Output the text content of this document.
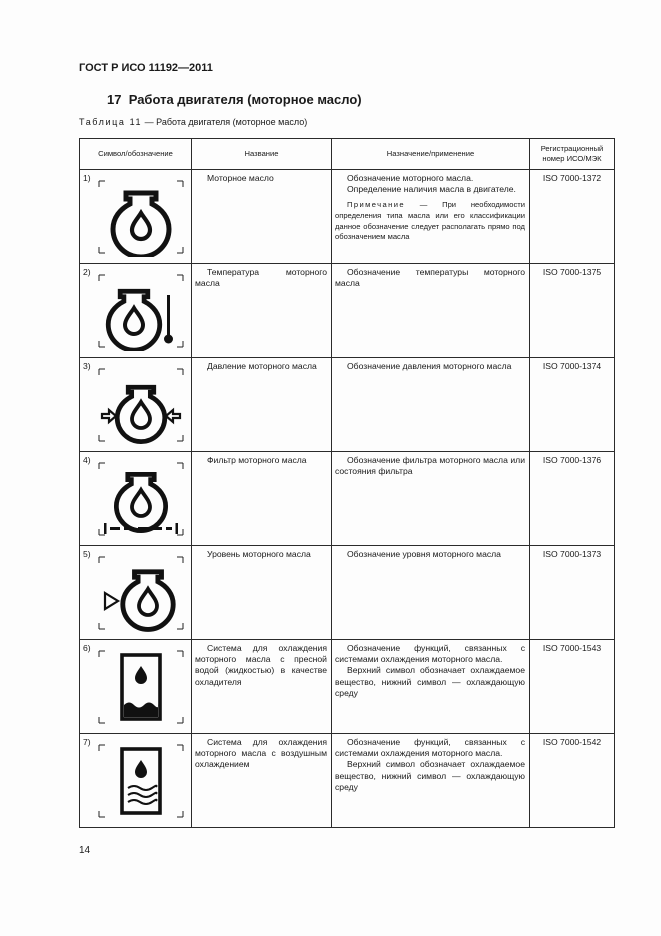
ГОСТ Р ИСО 11192—2011
17 Работа двигателя (моторное масло)
Таблица 11 — Работа двигателя (моторное масло)
Символ/обозначение	Название	Назначение/применение	Регистрационный номер ИСО/МЭК

1)	Моторное масло	Обозначение моторного масла.

Определение наличия масла в двигателе.

Примечание — При необходимости определения типа масла или его классификации данное обозначение следует располагать прямо под обозначением масла	ISO 7000-1372

2)	Температура моторного масла	Обозначение температуры моторного масла	ISO 7000-1375

3)	Давление моторного масла	Обозначение давления моторного масла	ISO 7000-1374

4)	Фильтр моторного масла	Обозначение фильтра моторного масла или состояния фильтра	ISO 7000-1376

5)	Уровень моторного масла	Обозначение уровня моторного масла	ISO 7000-1373

6)	Система для охлаждения моторного масла с пресной водой (жидкостью) в качестве охладителя	Обозначение функций, связанных с системами охлаждения моторного масла.

Верхний символ обозначает охлаждаемое вещество, нижний символ — охлаждающую среду	ISO 7000-1543

7)	Система для охлаждения моторного масла с воздушным охлаждением	Обозначение функций, связанных с системами охлаждения моторного масла.

Верхний символ обозначает охлаждаемое вещество, нижний символ — охлаждающую среду	ISO 7000-1542
14
